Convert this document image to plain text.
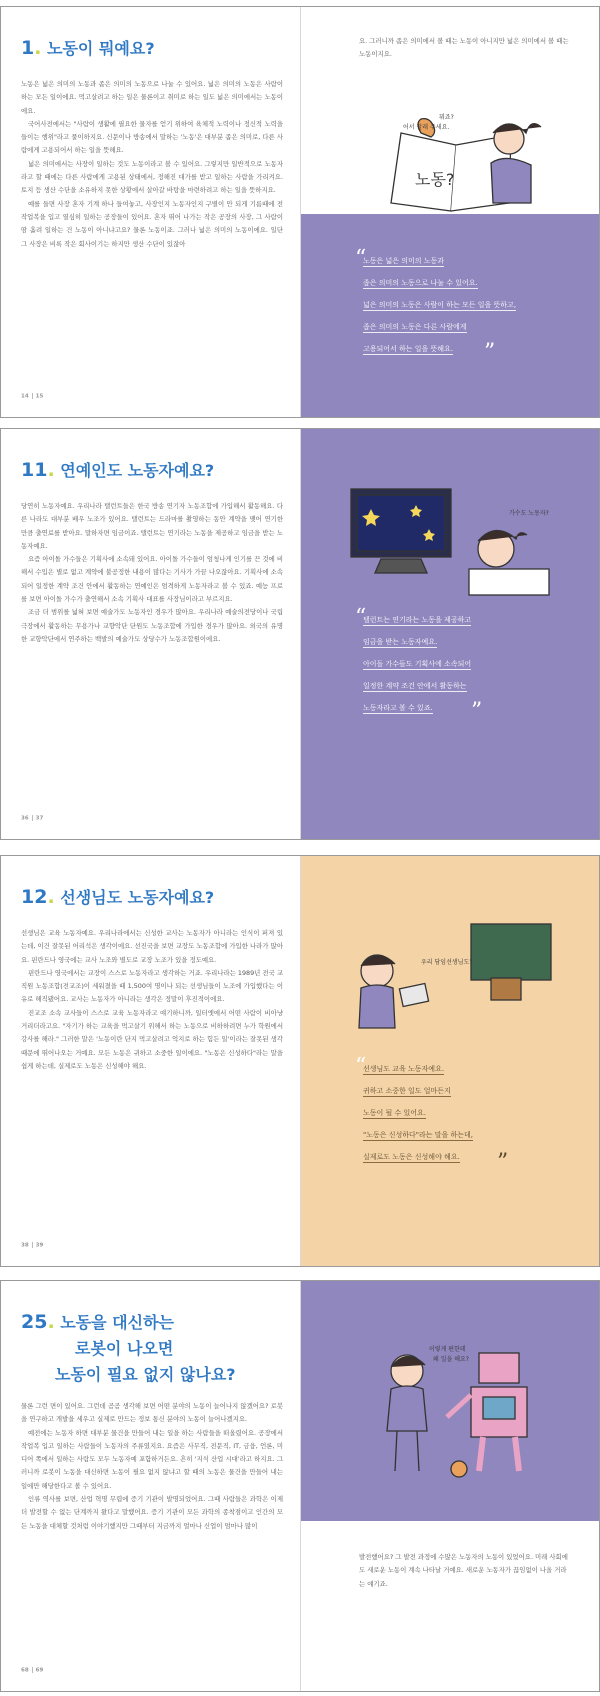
1. 노동이 뭐예요?

노동은 넓은 의미의 노동과 좁은 의미의 노동으로 나눌 수 있어요. 넓은 의미의 노동은 사람이 하는 모든 일이에요. 먹고살려고 하는 일은 물론이고 취미로 하는 일도 넓은 의미에서는 노동이에요.

국어사전에서는 "사람이 생활에 필요한 물자를 얻기 위하여 육체적 노력이나 정신적 노력을 들이는 행위"라고 풀이하지요. 신문이나 방송에서 말하는 '노동'은 대부분 좁은 의미로, 다른 사람에게 고용되어서 하는 일을 뜻해요.

넓은 의미에서는 사장이 일하는 것도 노동이라고 볼 수 있어요. 그렇지만 일반적으로 노동자라고 할 때에는 다른 사람에게 고용된 상태에서, 정해진 대가를 받고 일하는 사람을 가리켜요. 토지 등 생산 수단을 소유하지 못한 상황에서 살아갈 바탕을 마련하려고 하는 일을 뜻하지요.

예를 들면 사장 혼자 기계 하나 들여놓고, 사장인지 노동자인지 구별이 안 되게 기름때에 전 작업복을 입고 열심히 일하는 공장들이 있어요. 혼자 뛰어 나가는 작은 공장의 사장, 그 사람이 땀 흘려 일하는 건 노동이 아니냐고요? 물론 노동이죠. 그러나 넓은 의미의 노동이에요. 일단 그 사장은 비록 작은 회사이기는 하지만 생산 수단이 있잖아

14 15

요. 그러니까 좁은 의미에서 볼 때는 노동이 아니지만 넓은 의미에서 볼 때는 노동이지요.

노동?
뭐죠?
어서 잘래 주세요.
“
노동은 넓은 의미의 노동과
좁은 의미의 노동으로 나눌 수 있어요.
넓은 의미의 노동은 사람이 하는 모든 일을 뜻하고,
좁은 의미의 노동은 다른 사람에게
고용되어서 하는 일을 뜻해요.	”
11. 연예인도 노동자예요?

당연히 노동자예요. 우리나라 탤런트들은 한국 방송 연기자 노동조합에 가입해서 활동해요. 다른 나라도 대부분 배우 노조가 있어요. 탤런트는 드라마를 촬영하는 동안 계약을 맺어 연기한 만큼 출연료를 받아요. 말하자면 임금이죠. 탤런트는 연기라는 노동을 제공하고 임금을 받는 노동자예요.

요즘 아이돌 가수들은 기획사에 소속돼 있어요. 아이돌 가수들이 엄청나게 인기를 끈 것에 비해서 수입은 별로 없고 계약에 불공정한 내용이 많다는 기사가 가끔 나오잖아요. 기획사에 소속되어 일정한 계약 조건 안에서 활동하는 연예인은 엄격하게 노동자라고 볼 수 있죠. 예능 프로를 보면 아이돌 가수가 출연해서 소속 기획사 대표를 사장님이라고 부르지요.

조금 더 범위를 넓혀 보면 예술가도 노동자인 경우가 많아요. 우리나라 예술의전당이나 국립극장에서 활동하는 무용가나 교향악단 단원도 노동조합에 가입한 경우가 많아요. 외국의 유명한 교향악단에서 연주하는 백발의 예술가도 상당수가 노동조합원이에요.

36 37
가수도 노동자?
“
탤런트는 연기라는 노동을 제공하고
임금을 받는 노동자예요.
아이돌 가수들도 기획사에 소속되어
일정한 계약 조건 안에서 활동하는
노동자라고 볼 수 있죠.	”
12. 선생님도 노동자예요?

선생님은 교육 노동자예요. 우리나라에서는 신성한 교사는 노동자가 아니라는 인식이 퍼져 있는데, 이건 잘못된 어리석은 생각이에요. 선진국을 보면 교장도 노동조합에 가입한 나라가 많아요. 핀란드나 영국에는 교사 노조와 별도로 교장 노조가 있을 정도예요.

핀란드나 영국에서는 교장이 스스로 노동자라고 생각하는 거죠. 우리나라는 1989년 전국 교직원 노동조합(전교조)이 세워졌을 때 1,500여 명이나 되는 선생님들이 노조에 가입했다는 이유로 해직됐어요. 교사는 노동자가 아니라는 생각은 정말이 후진적이에요.

진교조 소속 교사들이 스스로 교육 노동자라고 얘기하니까, 일터엣에서 어떤 사람이 비아냥거리더라고요. "자기가 하는 교육을 먹고살기 위해서 하는 노동으로 비하하려면 누가 학원에서 강사를 해라." 그러한 말은 '노동이란 단지 먹고살려고 억지로 하는 힘든 일'이라는 잘못된 생각 때문에 뛰어나오는 거예요. 모든 노동은 귀하고 소중한 일이에요. "노동은 신성하다"라는 말을 쉽게 하는데, 실제로도 노동은 신성해야 해요.

38 39
우리 담임선생님도?
“
선생님도 교육 노동자예요.
귀하고 소중한 일도 얼마든지
노동이 될 수 있어요.
"노동은 신성하다"라는 말을 하는데,
실제로도 노동은 신성해야 해요.	”
25. 노동을 대신하는
로봇이 나오면
노동이 필요 없지 않나요?

물론 그런 면이 있어요. 그런데 곰곰 생각해 보면 어떤 분야의 노동이 늘어나지 않겠어요? 로봇을 연구하고 개발을 세우고 실제로 만드는 정보 통신 분야의 노동이 늘어나겠지요.

예전에는 노동자 하면 대부분 물건을 만들어 내는 일을 하는 사람들을 떠올렸어요. 공장에서 작업복 입고 일하는 사람들이 노동자의 주류였지요. 요즘은 사무직, 전문직, IT, 금융, 언론, 미디어 쪽에서 일하는 사람도 모두 노동자예 포함하거든요. 흔히 '지식 산업 시대'라고 하지요. 그러니까 로봇이 노동을 대신하면 노동이 필요 없지 않냐고 할 때의 노동은 물건을 만들어 내는 일에만 해당한다고 볼 수 있어요.

인류 역사를 보면, 산업 혁명 무렵에 증기 기관이 발명되었어요. 그때 사람들은 과학은 이제 더 발전할 수 없는 단계까지 왔다고 말했어요. 증기 기관이 모든 과학의 종착점이고 인간의 모든 노동을 대체할 것처럼 이야기했지만 그때부터 지금까지 얼마나 신업이 엄마나 많이

68 69
이렇게 편한데
왜 일을 해요?

발전했어요? 그 발전 과정에 수많은 노동자의 노동이 있었어요. 미래 사회에도 새로운 노동이 계속 나타날 거예요. 새로운 노동자가 끊임없이 나올 거라는 얘기죠.
